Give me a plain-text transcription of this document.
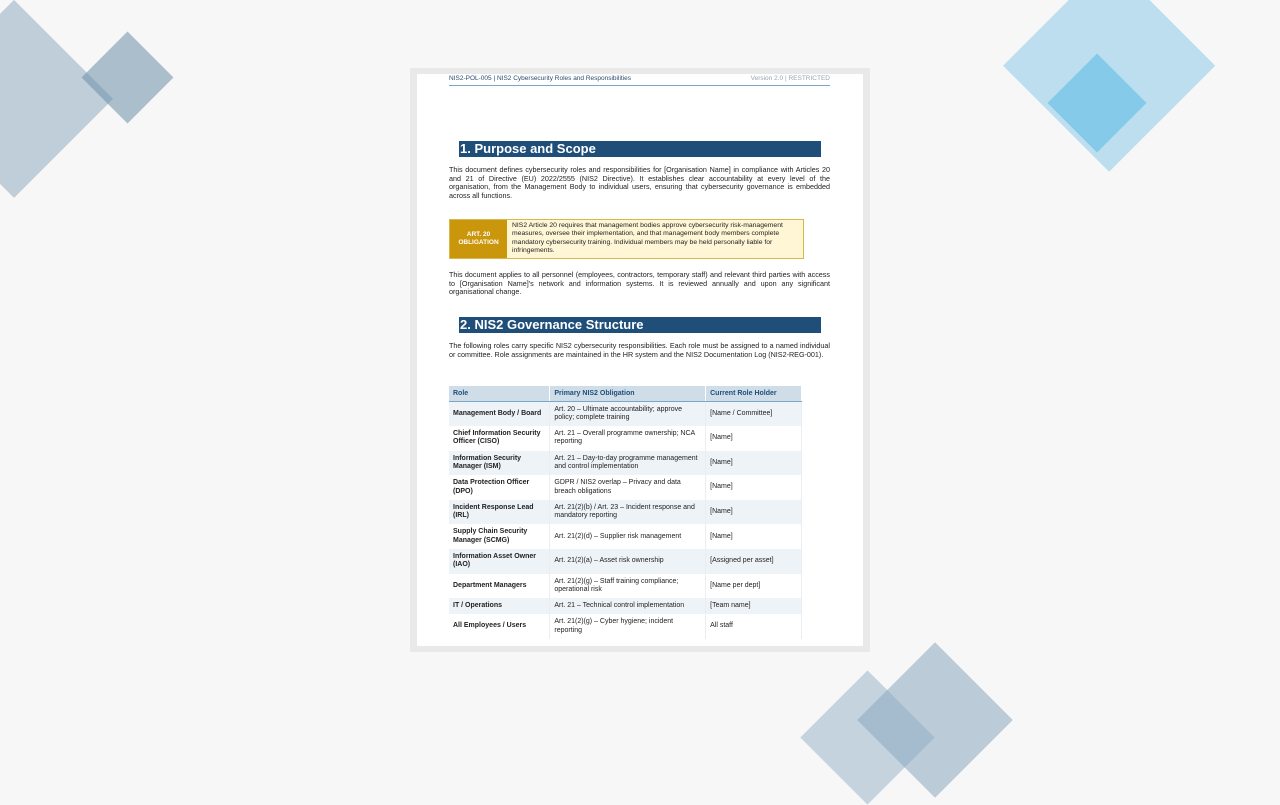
NIS2-POL-005 | NIS2 Cybersecurity Roles and Responsibilities	Version 2.0 | RESTRICTED
1. Purpose and Scope
This document defines cybersecurity roles and responsibilities for [Organisation Name] in compliance with Articles 20 and 21 of Directive (EU) 2022/2555 (NIS2 Directive). It establishes clear accountability at every level of the organisation, from the Management Body to individual users, ensuring that cybersecurity governance is embedded across all functions.
ART. 20
OBLIGATION
NIS2 Article 20 requires that management bodies approve cybersecurity risk-management measures, oversee their implementation, and that management body members complete mandatory cybersecurity training. Individual members may be held personally liable for infringements.
This document applies to all personnel (employees, contractors, temporary staff) and relevant third parties with access to [Organisation Name]'s network and information systems. It is reviewed annually and upon any significant organisational change.
2. NIS2 Governance Structure
The following roles carry specific NIS2 cybersecurity responsibilities. Each role must be assigned to a named individual or committee. Role assignments are maintained in the HR system and the NIS2 Documentation Log (NIS2-REG-001).
Role	Primary NIS2 Obligation	Current Role Holder
Management Body / Board	Art. 20 – Ultimate accountability; approve policy; complete training	[Name / Committee]
Chief Information Security Officer (CISO)	Art. 21 – Overall programme ownership; NCA reporting	[Name]
Information Security Manager (ISM)	Art. 21 – Day-to-day programme management and control implementation	[Name]
Data Protection Officer (DPO)	GDPR / NIS2 overlap – Privacy and data breach obligations	[Name]
Incident Response Lead (IRL)	Art. 21(2)(b) / Art. 23 – Incident response and mandatory reporting	[Name]
Supply Chain Security Manager (SCMG)	Art. 21(2)(d) – Supplier risk management	[Name]
Information Asset Owner (IAO)	Art. 21(2)(a) – Asset risk ownership	[Assigned per asset]
Department Managers	Art. 21(2)(g) – Staff training compliance; operational risk	[Name per dept]
IT / Operations	Art. 21 – Technical control implementation	[Team name]
All Employees / Users	Art. 21(2)(g) – Cyber hygiene; incident reporting	All staff
